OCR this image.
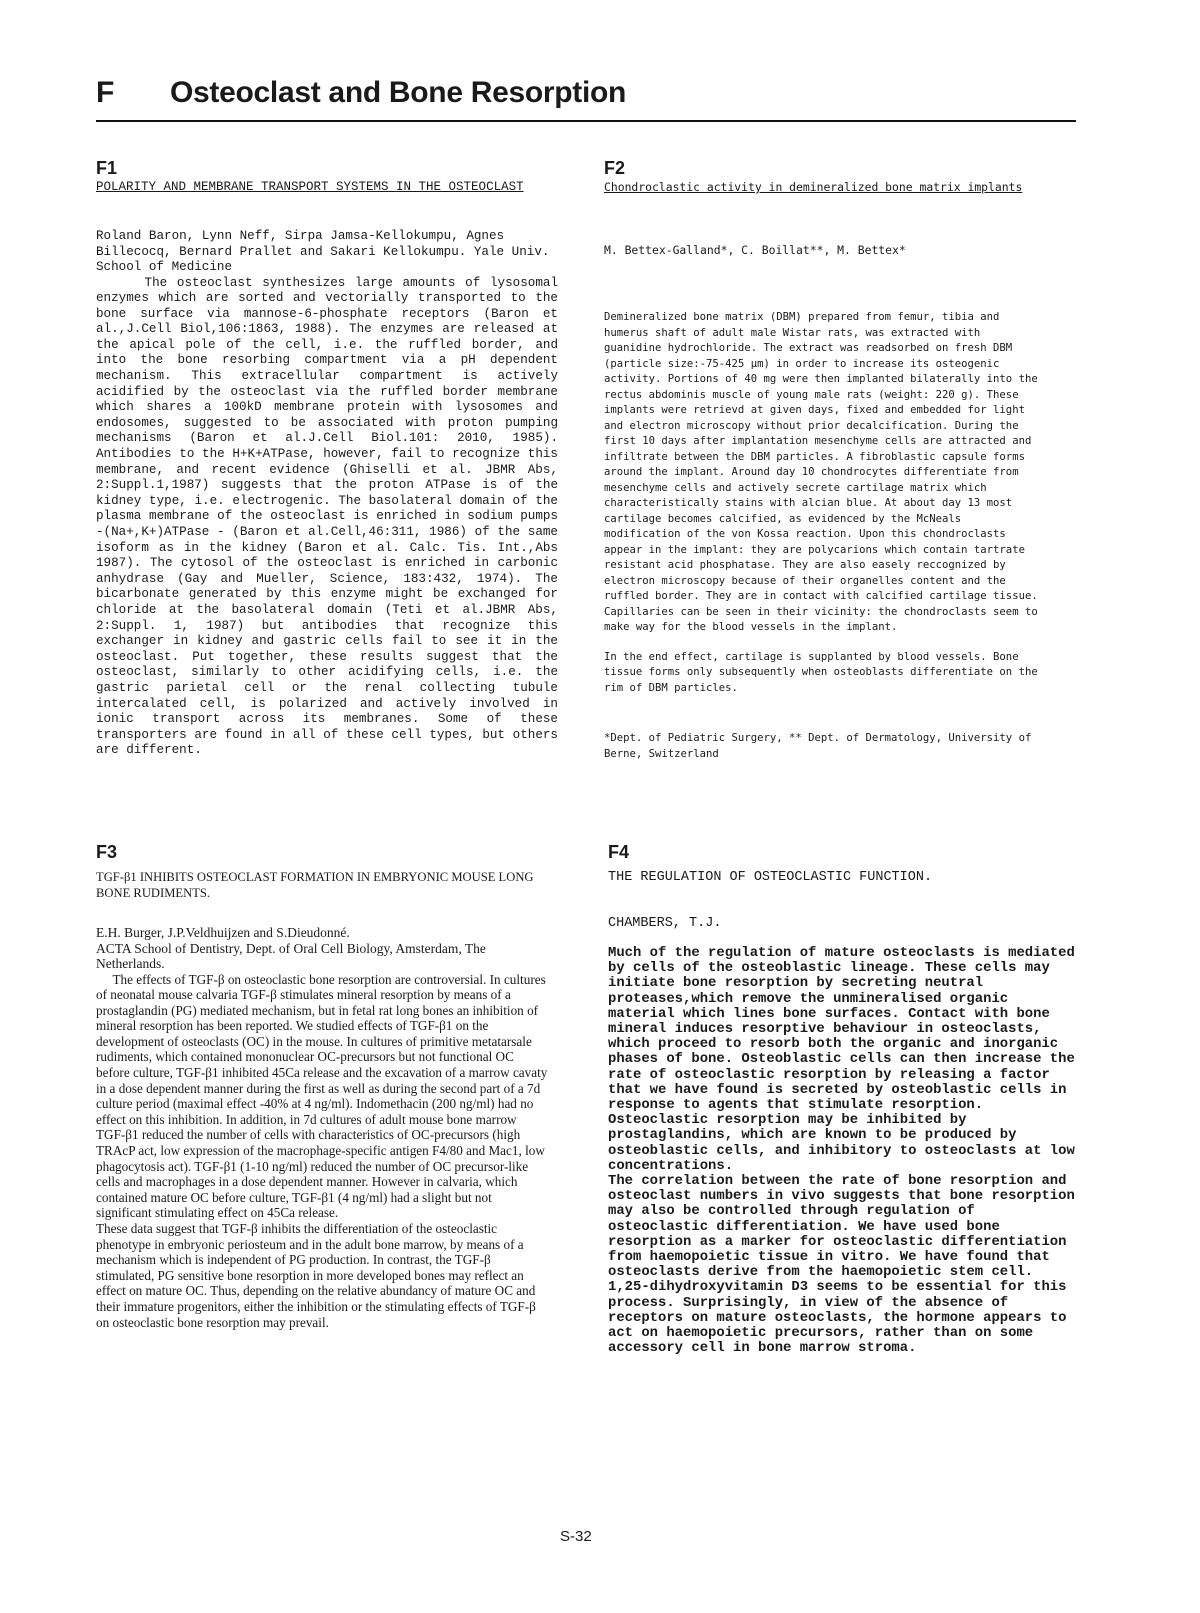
F Osteoclast and Bone Resorption

F1

POLARITY AND MEMBRANE TRANSPORT SYSTEMS IN THE OSTEOCLAST

Roland Baron, Lynn Neff, Sirpa Jamsa-Kellokumpu, Agnes Billecocq, Bernard Prallet and Sakari Kellokumpu. Yale Univ. School of Medicine

The osteoclast synthesizes large amounts of lysosomal enzymes which are sorted and vectorially transported to the bone surface via mannose-6-phosphate receptors (Baron et al.,J.Cell Biol,106:1863, 1988). The enzymes are released at the apical pole of the cell, i.e. the ruffled border, and into the bone resorbing compartment via a pH dependent mechanism. This extracellular compartment is actively acidified by the osteoclast via the ruffled border membrane which shares a 100kD membrane protein with lysosomes and endosomes, suggested to be associated with proton pumping mechanisms (Baron et al.J.Cell Biol.101: 2010, 1985). Antibodies to the H+K+ATPase, however, fail to recognize this membrane, and recent evidence (Ghiselli et al. JBMR Abs, 2:Suppl.1,1987) suggests that the proton ATPase is of the kidney type, i.e. electrogenic. The basolateral domain of the plasma membrane of the osteoclast is enriched in sodium pumps -(Na+,K+)ATPase - (Baron et al.Cell,46:311, 1986) of the same isoform as in the kidney (Baron et al. Calc. Tis. Int.,Abs 1987). The cytosol of the osteoclast is enriched in carbonic anhydrase (Gay and Mueller, Science, 183:432, 1974). The bicarbonate generated by this enzyme might be exchanged for chloride at the basolateral domain (Teti et al.JBMR Abs, 2:Suppl. 1, 1987) but antibodies that recognize this exchanger in kidney and gastric cells fail to see it in the osteoclast. Put together, these results suggest that the osteoclast, similarly to other acidifying cells, i.e. the gastric parietal cell or the renal collecting tubule intercalated cell, is polarized and actively involved in ionic transport across its membranes. Some of these transporters are found in all of these cell types, but others are different.

F2

Chondroclastic activity in demineralized bone matrix implants

M. Bettex-Galland*, C. Boillat**, M. Bettex*

Demineralized bone matrix (DBM) prepared from femur, tibia and humerus shaft of adult male Wistar rats, was extracted with guanidine hydrochloride. The extract was readsorbed on fresh DBM (particle size:-75-425 µm) in order to increase its osteogenic activity. Portions of 40 mg were then implanted bilaterally into the rectus abdominis muscle of young male rats (weight: 220 g). These implants were retrievd at given days, fixed and embedded for light and electron microscopy without prior decalcification. During the first 10 days after implantation mesenchyme cells are attracted and infiltrate between the DBM particles. A fibroblastic capsule forms around the implant. Around day 10 chondrocytes differentiate from mesenchyme cells and actively secrete cartilage matrix which characteristically stains with alcian blue. At about day 13 most cartilage becomes calcified, as evidenced by the McNeals modification of the von Kossa reaction. Upon this chondroclasts appear in the implant: they are polycarions which contain tartrate resistant acid phosphatase. They are also easely reccognized by electron microscopy because of their organelles content and the ruffled border. They are in contact with calcified cartilage tissue. Capillaries can be seen in their vicinity: the chondroclasts seem to make way for the blood vessels in the implant.

In the end effect, cartilage is supplanted by blood vessels. Bone tissue forms only subsequently when osteoblasts differentiate on the rim of DBM particles.

*Dept. of Pediatric Surgery, ** Dept. of Dermatology, University of Berne, Switzerland

F3

TGF-β1 INHIBITS OSTEOCLAST FORMATION IN EMBRYONIC MOUSE LONG BONE RUDIMENTS.

E.H. Burger, J.P.Veldhuijzen and S.Dieudonné.

ACTA School of Dentistry, Dept. of Oral Cell Biology, Amsterdam, The Netherlands.

The effects of TGF-β on osteoclastic bone resorption are controversial. In cultures of neonatal mouse calvaria TGF-β stimulates mineral resorption by means of a prostaglandin (PG) mediated mechanism, but in fetal rat long bones an inhibition of mineral resorption has been reported. We studied effects of TGF-β1 on the development of osteoclasts (OC) in the mouse. In cultures of primitive metatarsale rudiments, which contained mononuclear OC-precursors but not functional OC before culture, TGF-β1 inhibited 45Ca release and the excavation of a marrow cavaty in a dose dependent manner during the first as well as during the second part of a 7d culture period (maximal effect -40% at 4 ng/ml). Indomethacin (200 ng/ml) had no effect on this inhibition. In addition, in 7d cultures of adult mouse bone marrow TGF-β1 reduced the number of cells with characteristics of OC-precursors (high TRAcP act, low expression of the macrophage-specific antigen F4/80 and Mac1, low phagocytosis act). TGF-β1 (1-10 ng/ml) reduced the number of OC precursor-like cells and macrophages in a dose dependent manner. However in calvaria, which contained mature OC before culture, TGF-β1 (4 ng/ml) had a slight but not significant stimulating effect on 45Ca release.
These data suggest that TGF-β inhibits the differentiation of the osteoclastic phenotype in embryonic periosteum and in the adult bone marrow, by means of a mechanism which is independent of PG production. In contrast, the TGF-β stimulated, PG sensitive bone resorption in more developed bones may reflect an effect on mature OC. Thus, depending on the relative abundancy of mature OC and their immature progenitors, either the inhibition or the stimulating effects of TGF-β on osteoclastic bone resorption may prevail.

F4

THE REGULATION OF OSTEOCLASTIC FUNCTION.

CHAMBERS, T.J.

Much of the regulation of mature osteoclasts is mediated by cells of the osteoblastic lineage. These cells may initiate bone resorption by secreting neutral proteases,which remove the unmineralised organic material which lines bone surfaces. Contact with bone mineral induces resorptive behaviour in osteoclasts, which proceed to resorb both the organic and inorganic phases of bone. Osteoblastic cells can then increase the rate of osteoclastic resorption by releasing a factor that we have found is secreted by osteoblastic cells in response to agents that stimulate resorption. Osteoclastic resorption may be inhibited by prostaglandins, which are known to be produced by osteoblastic cells, and inhibitory to osteoclasts at low concentrations.
The correlation between the rate of bone resorption and osteoclast numbers in vivo suggests that bone resorption may also be controlled through regulation of osteoclastic differentiation. We have used bone resorption as a marker for osteoclastic differentiation from haemopoietic tissue in vitro. We have found that osteoclasts derive from the haemopoietic stem cell. 1,25-dihydroxyvitamin D3 seems to be essential for this process. Surprisingly, in view of the absence of receptors on mature osteoclasts, the hormone appears to act on haemopoietic precursors, rather than on some accessory cell in bone marrow stroma.

S-32
